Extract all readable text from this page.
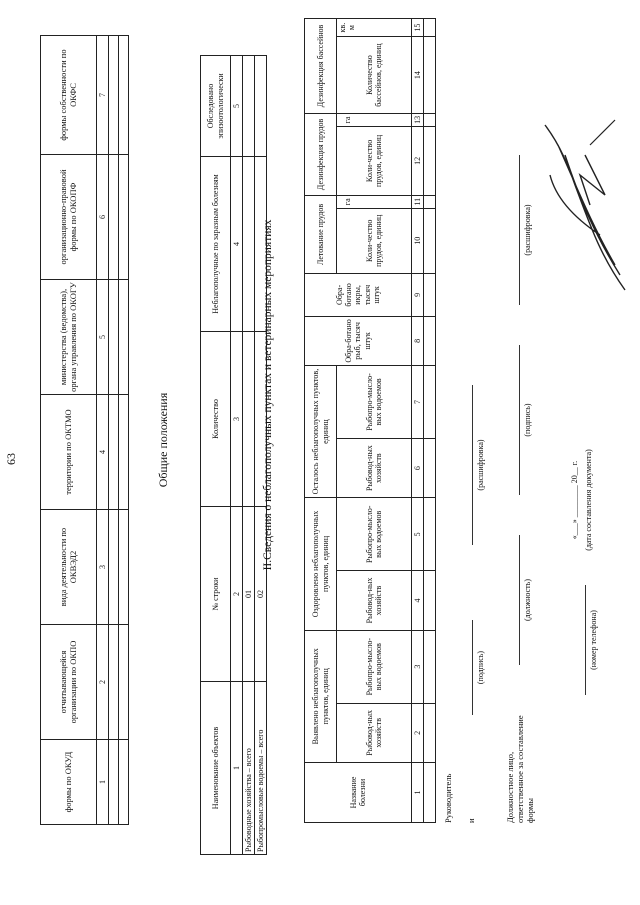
63
формы по ОКУД	отчитывающейся организации по ОКПО	вида деятельности по ОКВЭД2	территории по ОКТМО	министерства (ведомства), органа управления по ОКОГУ	организационно-правовой формы по ОКОПФ	формы собственности по ОКФС
1	2	3	4	5	6	7

Общие положения
Наименование объектов	№ строки	Количество	Неблагополучные по заразным болезням	Обследовано эпизоотологически
1	2	3	4	5
Рыбоводные хозяйства – всего	01			
Рыбопромысловые водоемы – всего	02			
II.Сведения о неблагополучных пунктах и ветеринарных мероприятиях
Название болезни	Выявлено неблагополучных пунктов, единиц		Оздоровлено неблагополучных пунктов, единиц		Осталось неблагополучных пунктов, единиц		Обра-ботано рыб, тысяч штук	Обра-ботано икры, тысяч штук	Летование прудов		Дезинфекция прудов		Дезинфекция бассейнов	
	Рыбовод-ных хозяйств	Рыбопро-мысло-вых водоемов	Рыбовод-ных хозяйств	Рыбопро-мысло-вых водоемов	Рыбовод-ных хозяйств	Рыбопро-мысло-вых водоемов			Коли-чество прудов, единиц	га	Коли-чество прудов, единиц	га	Количество бассейнов, единиц	кв. м

1	2	3	4	5	6	7	8	9	10	11	12	13	14	15

Руководитель и
(подпись)
(расшифровка)
Должностное лицо, ответственное за составление формы
(должность)
(подпись)
(расшифровка)
(номер телефона)
«___» ________ 20__ г. (дата составления документа)
